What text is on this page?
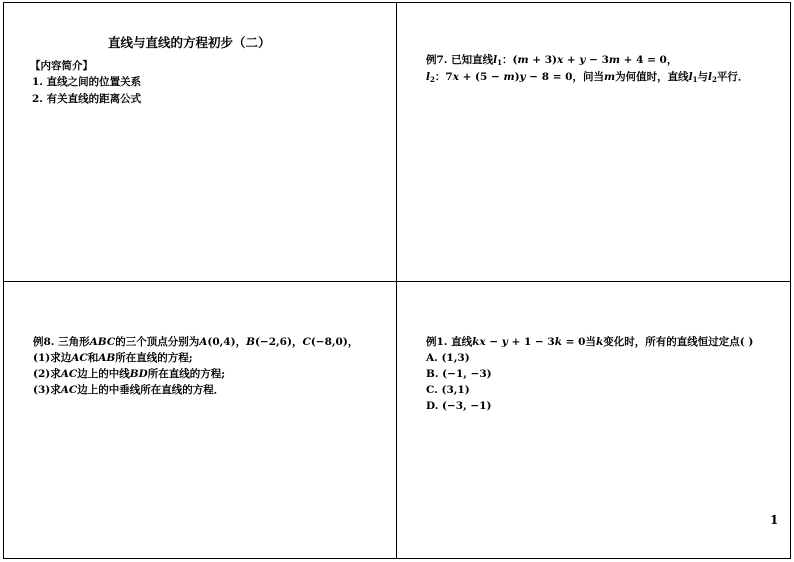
直线与直线的方程初步（二）
【内容简介】
1. 直线之间的位置关系
2. 有关直线的距离公式
例7. 已知直线$l_1$：(m + 3)x + y − 3m + 4 = 0，
$l_2$：7x + (5 − m)y − 8 = 0，问当m为何值时，直线$l_1$与$l_2$平行．
例8. 三角形ABC的三个顶点分别为A(0,4)，B(−2,6)，C(−8,0)，
(1)求边AC和AB所在直线的方程;
(2)求AC边上的中线BD所在直线的方程;
(3)求AC边上的中垂线所在直线的方程．
例1. 直线kx − y + 1 − 3k = 0当k变化时，所有的直线恒过定点( )
A. (1,3)
B. (−1, −3)
C. (3,1)
D. (−3, −1)
1
